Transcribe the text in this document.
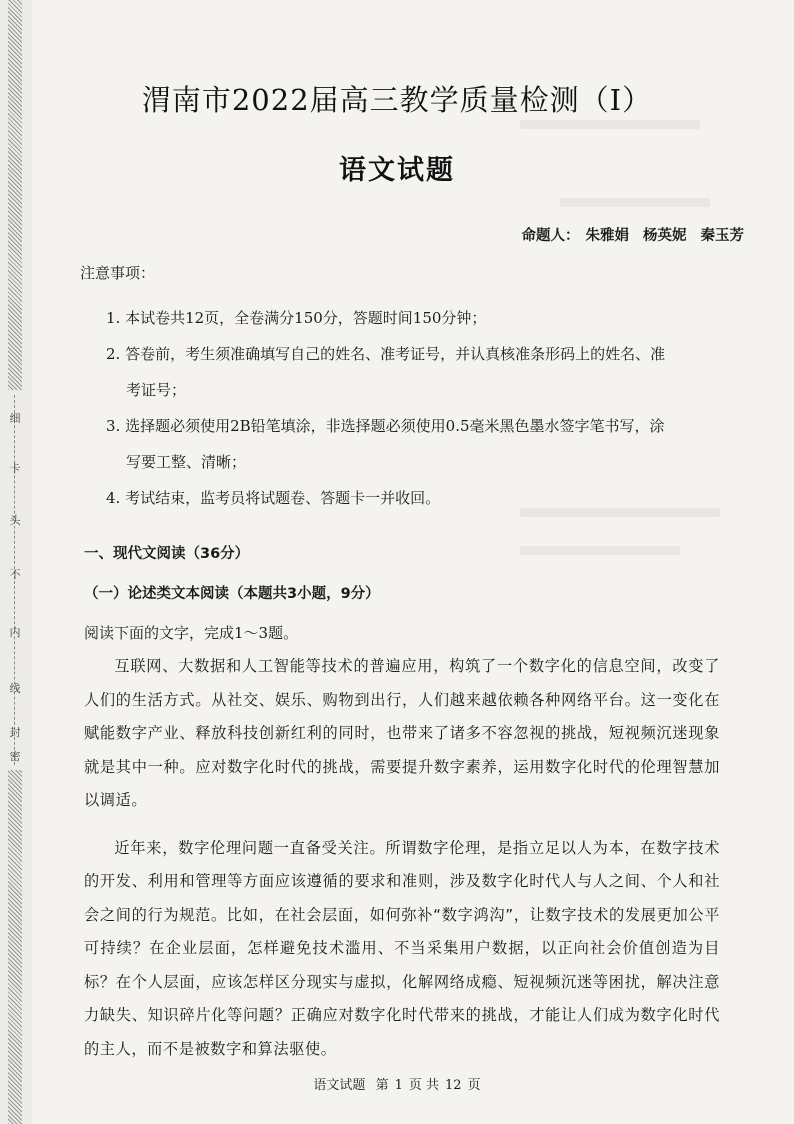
细
卡
头
不
内
线
封
密
渭南市2022届高三教学质量检测（Ⅰ）
语文试题
命题人： 朱雅娟 杨英妮 秦玉芳
注意事项：
1. 本试卷共12页，全卷满分150分，答题时间150分钟；
2. 答卷前，考生须准确填写自己的姓名、准考证号，并认真核准条形码上的姓名、准
考证号；
3. 选择题必须使用2B铅笔填涂，非选择题必须使用0.5毫米黑色墨水签字笔书写，涂
写要工整、清晰；
4. 考试结束，监考员将试题卷、答题卡一并收回。
一、现代文阅读（36分）
（一）论述类文本阅读（本题共3小题，9分）
阅读下面的文字，完成1～3题。

互联网、大数据和人工智能等技术的普遍应用，构筑了一个数字化的信息空间，改变了人们的生活方式。从社交、娱乐、购物到出行，人们越来越依赖各种网络平台。这一变化在赋能数字产业、释放科技创新红利的同时，也带来了诸多不容忽视的挑战，短视频沉迷现象就是其中一种。应对数字化时代的挑战，需要提升数字素养，运用数字化时代的伦理智慧加以调适。

近年来，数字伦理问题一直备受关注。所谓数字伦理，是指立足以人为本，在数字技术的开发、利用和管理等方面应该遵循的要求和准则，涉及数字化时代人与人之间、个人和社会之间的行为规范。比如，在社会层面，如何弥补“数字鸿沟”，让数字技术的发展更加公平可持续？在企业层面，怎样避免技术滥用、不当采集用户数据，以正向社会价值创造为目标？在个人层面，应该怎样区分现实与虚拟，化解网络成瘾、短视频沉迷等困扰，解决注意力缺失、知识碎片化等问题？正确应对数字化时代带来的挑战，才能让人们成为数字化时代的主人，而不是被数字和算法驱使。

语文试题 第 1 页 共 12 页
